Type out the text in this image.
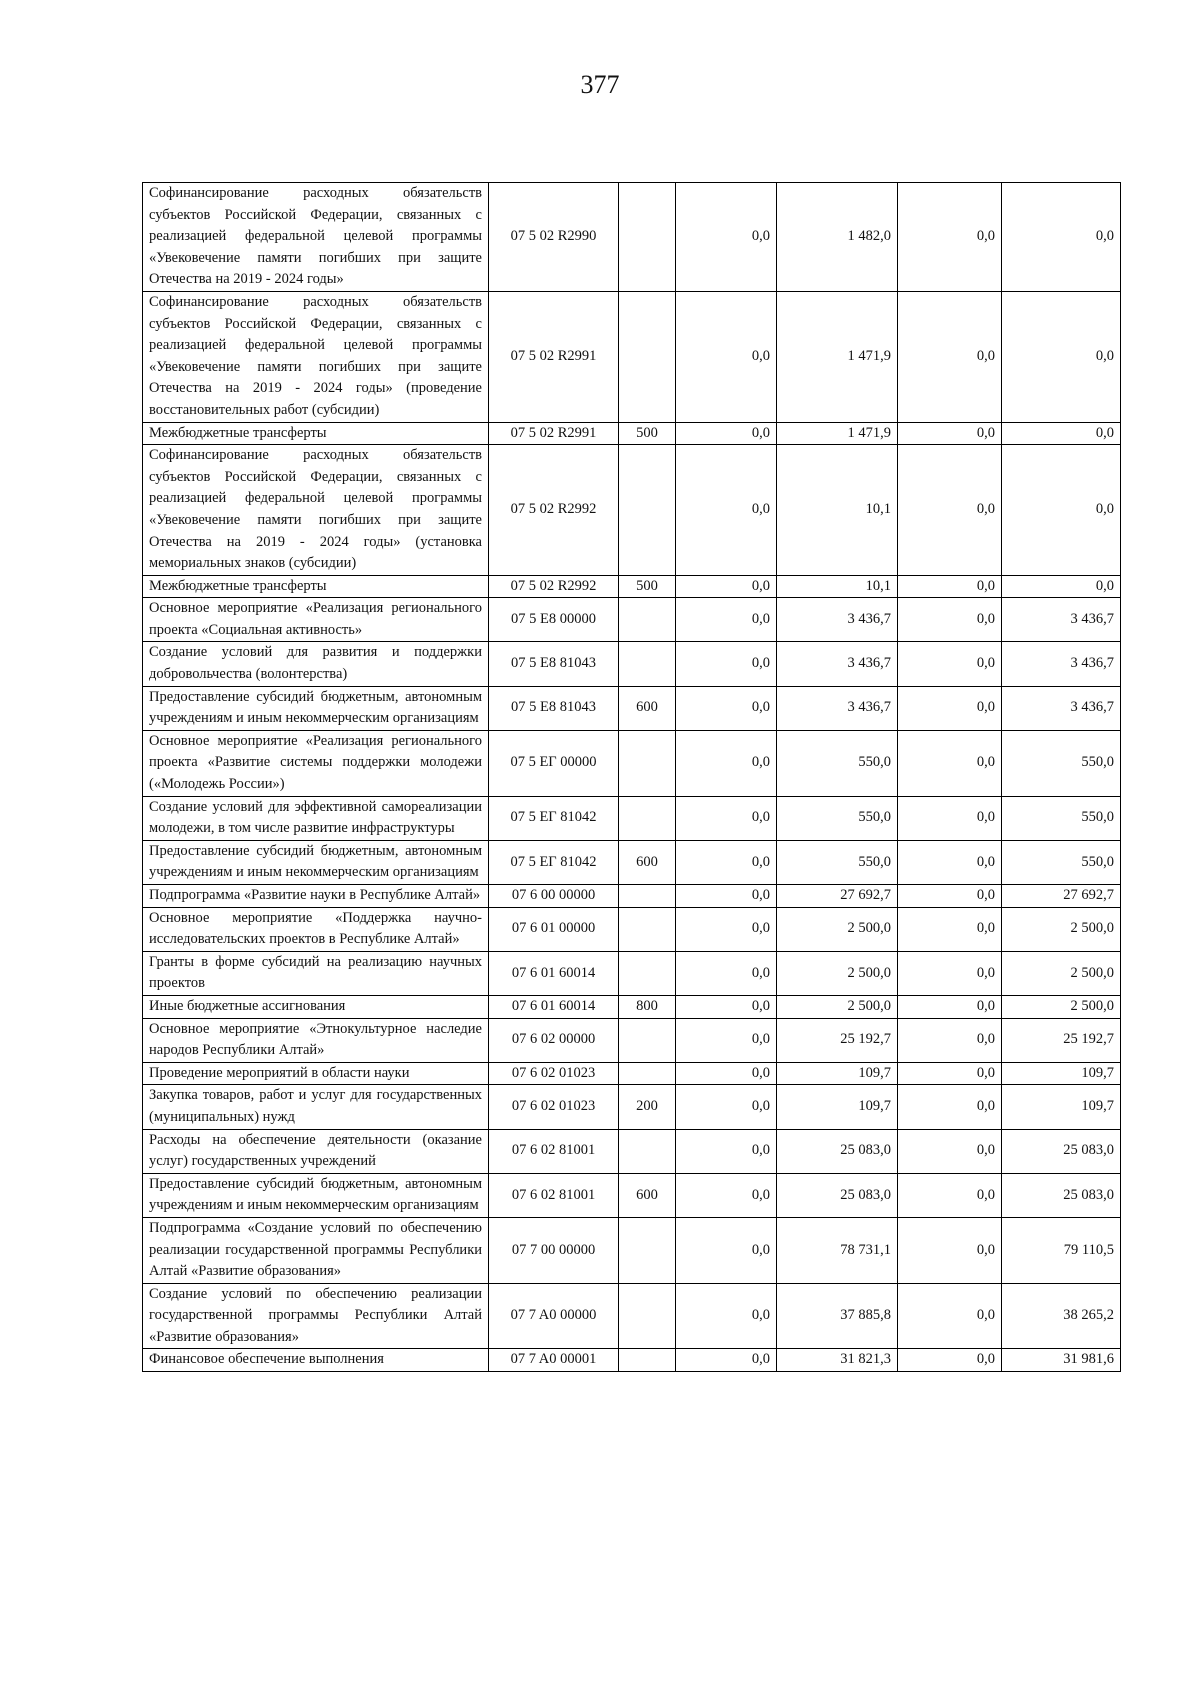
377
Софинансирование расходных обязательств субъектов Российской Федерации, связанных с реализацией федеральной целевой программы «Увековечение памяти погибших при защите Отечества на 2019 - 2024 годы»	07 5 02 R2990		0,0	1 482,0	0,0	0,0
Софинансирование расходных обязательств субъектов Российской Федерации, связанных с реализацией федеральной целевой программы «Увековечение памяти погибших при защите Отечества на 2019 - 2024 годы» (проведение восстановительных работ (субсидии)	07 5 02 R2991		0,0	1 471,9	0,0	0,0
Межбюджетные трансферты	07 5 02 R2991	500	0,0	1 471,9	0,0	0,0
Софинансирование расходных обязательств субъектов Российской Федерации, связанных с реализацией федеральной целевой программы «Увековечение памяти погибших при защите Отечества на 2019 - 2024 годы» (установка мемориальных знаков (субсидии)	07 5 02 R2992		0,0	10,1	0,0	0,0
Межбюджетные трансферты	07 5 02 R2992	500	0,0	10,1	0,0	0,0
Основное мероприятие «Реализация регионального проекта «Социальная активность»	07 5 E8 00000		0,0	3 436,7	0,0	3 436,7
Создание условий для развития и поддержки добровольчества (волонтерства)	07 5 E8 81043		0,0	3 436,7	0,0	3 436,7
Предоставление субсидий бюджетным, автономным учреждениям и иным некоммерческим организациям	07 5 E8 81043	600	0,0	3 436,7	0,0	3 436,7
Основное мероприятие «Реализация регионального проекта «Развитие системы поддержки молодежи («Молодежь России»)	07 5 EГ 00000		0,0	550,0	0,0	550,0
Создание условий для эффективной самореализации молодежи, в том числе развитие инфраструктуры	07 5 EГ 81042		0,0	550,0	0,0	550,0
Предоставление субсидий бюджетным, автономным учреждениям и иным некоммерческим организациям	07 5 EГ 81042	600	0,0	550,0	0,0	550,0
Подпрограмма «Развитие науки в Республике Алтай»	07 6 00 00000		0,0	27 692,7	0,0	27 692,7
Основное мероприятие «Поддержка научно-исследовательских проектов в Республике Алтай»	07 6 01 00000		0,0	2 500,0	0,0	2 500,0
Гранты в форме субсидий на реализацию научных проектов	07 6 01 60014		0,0	2 500,0	0,0	2 500,0
Иные бюджетные ассигнования	07 6 01 60014	800	0,0	2 500,0	0,0	2 500,0
Основное мероприятие «Этнокультурное наследие народов Республики Алтай»	07 6 02 00000		0,0	25 192,7	0,0	25 192,7
Проведение мероприятий в области науки	07 6 02 01023		0,0	109,7	0,0	109,7
Закупка товаров, работ и услуг для государственных (муниципальных) нужд	07 6 02 01023	200	0,0	109,7	0,0	109,7
Расходы на обеспечение деятельности (оказание услуг) государственных учреждений	07 6 02 81001		0,0	25 083,0	0,0	25 083,0
Предоставление субсидий бюджетным, автономным учреждениям и иным некоммерческим организациям	07 6 02 81001	600	0,0	25 083,0	0,0	25 083,0
Подпрограмма «Создание условий по обеспечению реализации государственной программы Республики Алтай «Развитие образования»	07 7 00 00000		0,0	78 731,1	0,0	79 110,5
Создание условий по обеспечению реализации государственной программы Республики Алтай «Развитие образования»	07 7 A0 00000		0,0	37 885,8	0,0	38 265,2
Финансовое обеспечение выполнения	07 7 A0 00001		0,0	31 821,3	0,0	31 981,6
